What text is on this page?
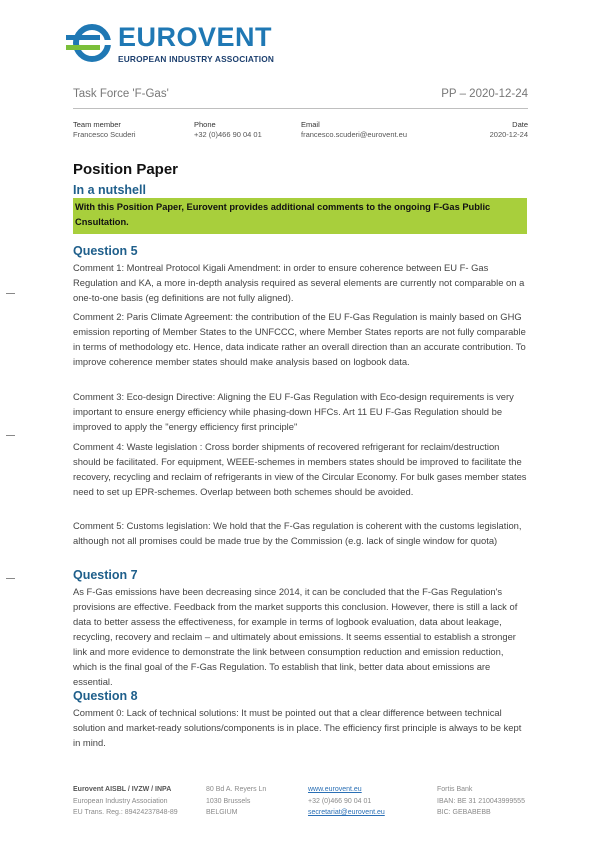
EUROVENT
EUROPEAN INDUSTRY ASSOCIATION
Task Force 'F-Gas'	PP – 2020-12-24
Team member
Francesco Scuderi
Phone
+32 (0)466 90 04 01
Email
francesco.scuderi@eurovent.eu
Date
2020-12-24
Position Paper
In a nutshell
With this Position Paper, Eurovent provides additional comments to the ongoing F-Gas Public Cnsultation.
Question 5
Comment 1: Montreal Protocol Kigali Amendment: in order to ensure coherence between EU F- Gas Regulation and KA, a more in-depth analysis required as several elements are currently not comparable on a one-to-one basis (eg definitions are not fully aligned).
Comment 2: Paris Climate Agreement: the contribution of the EU F-Gas Regulation is mainly based on GHG emission reporting of Member States to the UNFCCC, where Member States reports are not fully comparable in terms of methodology etc. Hence, data indicate rather an overall direction than an accurate contribution. To improve coherence member states should make analysis based on logbook data.
Comment 3: Eco-design Directive: Aligning the EU F-Gas Regulation with Eco-design requirements is very important to ensure energy efficiency while phasing-down HFCs. Art 11 EU F-Gas Regulation should be improved to apply the "energy efficiency first principle"
Comment 4: Waste legislation : Cross border shipments of recovered refrigerant for reclaim/destruction should be facilitated. For equipment, WEEE-schemes in members states should be improved to facilitate the recovery, recycling and reclaim of refrigerants in view of the Circular Economy. For bulk gases member states need to set up EPR-schemes. Overlap between both schemes should be avoided.
Comment 5: Customs legislation: We hold that the F-Gas regulation is coherent with the customs legislation, although not all promises could be made true by the Commission (e.g. lack of single window for quota)
Question 7
As F-Gas emissions have been decreasing since 2014, it can be concluded that the F-Gas Regulation's provisions are effective. Feedback from the market supports this conclusion. However, there is still a lack of data to better assess the effectiveness, for example in terms of logbook evaluation, data about leakage, recycling, recovery and reclaim – and ultimately about emissions. It seems essential to establish a stronger link and more evidence to demonstrate the link between consumption reduction and emission reduction, which is the final goal of the F-Gas Regulation. To establish that link, better data about emissions are essential.
Question 8
Comment 0: Lack of technical solutions: It must be pointed out that a clear difference between technical solution and market-ready solutions/components is in place. The efficiency first principle is always to be kept in mind.
Eurovent AISBL / IVZW / INPA
European Industry Association
EU Trans. Reg.: 89424237848-89
80 Bd A. Reyers Ln
1030 Brussels
BELGIUM
www.eurovent.eu
+32 (0)466 90 04 01
secretariat@eurovent.eu
Fortis Bank
IBAN: BE 31 210043999555
BIC: GEBABEBB
